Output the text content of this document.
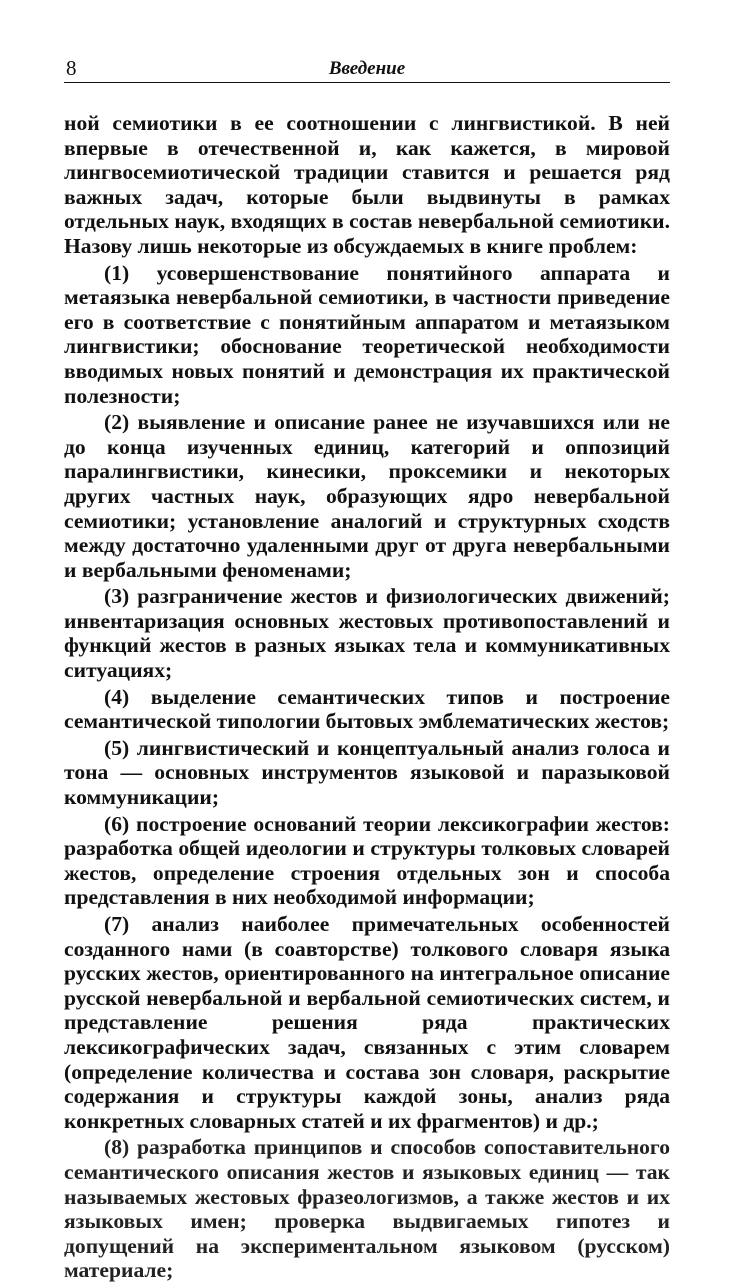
8	Введение

ной семиотики в ее соотношении с лингвистикой. В ней впервые в отечественной и, как кажется, в мировой лингвосемиотической традиции ставится и решается ряд важных задач, которые были выдвинуты в рамках отдельных наук, входящих в состав невербальной семиотики. Назову лишь некоторые из обсуждаемых в книге проблем:

(1) усовершенствование понятийного аппарата и метаязыка невербальной семиотики, в частности приведение его в соответствие с понятийным аппаратом и метаязыком лингвистики; обоснование теоретической необходимости вводимых новых понятий и демонстрация их практической полезности;

(2) выявление и описание ранее не изучавшихся или не до конца изученных единиц, категорий и оппозиций паралингвистики, кинесики, проксемики и некоторых других частных наук, образующих ядро невербальной семиотики; установление аналогий и структурных сходств между достаточно удаленными друг от друга невербальными и вербальными феноменами;

(3) разграничение жестов и физиологических движений; инвентаризация основных жестовых противопоставлений и функций жестов в разных языках тела и коммуникативных ситуациях;

(4) выделение семантических типов и построение семантической типологии бытовых эмблематических жестов;

(5) лингвистический и концептуальный анализ голоса и тона — основных инструментов языковой и паразыковой коммуникации;

(6) построение оснований теории лексикографии жестов: разработка общей идеологии и структуры толковых словарей жестов, определение строения отдельных зон и способа представления в них необходимой информации;

(7) анализ наиболее примечательных особенностей созданного нами (в соавторстве) толкового словаря языка русских жестов, ориентированного на интегральное описание русской невербальной и вербальной семиотических систем, и представление решения ряда практических лексикографических задач, связанных с этим словарем (определение количества и состава зон словаря, раскрытие содержания и структуры каждой зоны, анализ ряда конкретных словарных статей и их фрагментов) и др.;

(8) разработка принципов и способов сопоставительного семантического описания жестов и языковых единиц — так называемых жестовых фразеологизмов, а также жестов и их языковых имен; проверка выдвигаемых гипотез и допущений на экспериментальном языковом (русском) материале;
